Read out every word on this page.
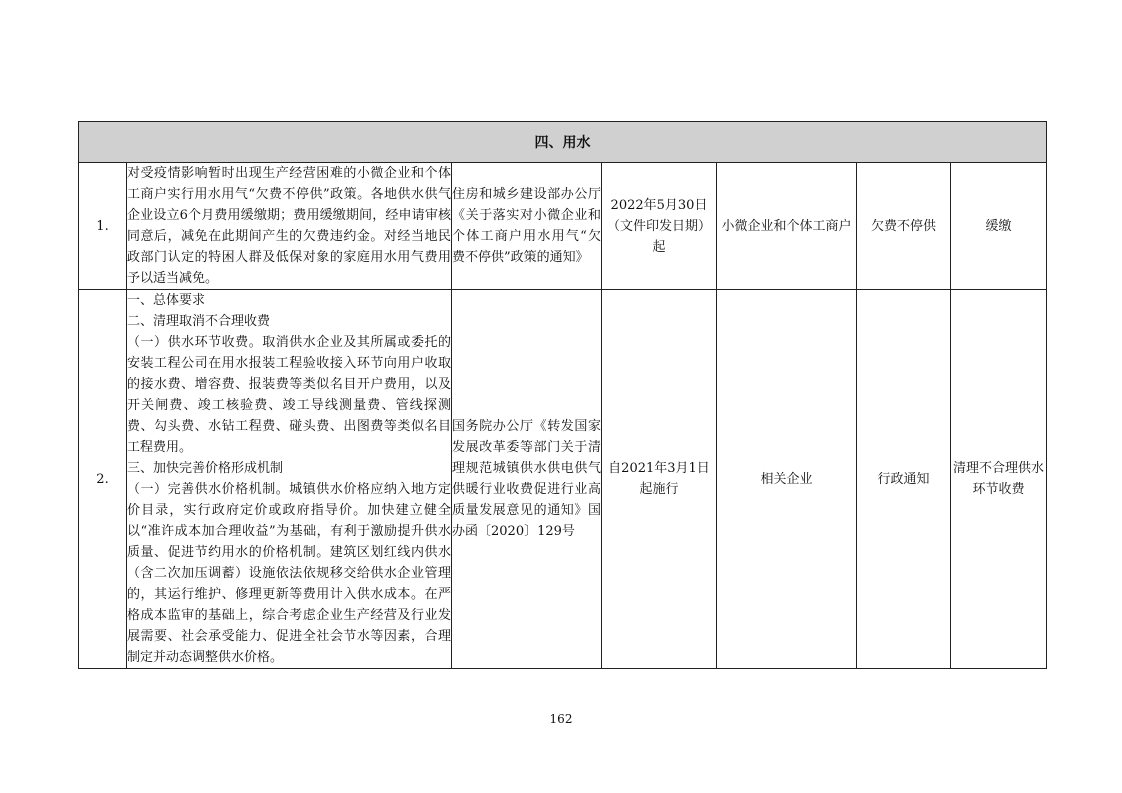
四、用水						
1.	对受疫情影响暂时出现生产经营困难的小微企业和个体工商户实行用水用气“欠费不停供”政策。各地供水供气企业设立6个月费用缓缴期；费用缓缴期间，经申请审核同意后，减免在此期间产生的欠费违约金。对经当地民政部门认定的特困人群及低保对象的家庭用水用气费用予以适当减免。	住房和城乡建设部办公厅《关于落实对小微企业和个体工商户用水用气“欠费不停供”政策的通知》	2022年5月30日（文件印发日期）起	小微企业和个体工商户	欠费不停供	缓缴
2.	一、总体要求
二、清理取消不合理收费
（一）供水环节收费。取消供水企业及其所属或委托的安装工程公司在用水报装工程验收接入环节向用户收取的接水费、增容费、报装费等类似名目开户费用，以及开关闸费、竣工核验费、竣工导线测量费、管线探测费、勾头费、水钻工程费、碰头费、出图费等类似名目工程费用。
三、加快完善价格形成机制
（一）完善供水价格机制。城镇供水价格应纳入地方定价目录，实行政府定价或政府指导价。加快建立健全以“准许成本加合理收益”为基础，有利于激励提升供水质量、促进节约用水的价格机制。建筑区划红线内供水（含二次加压调蓄）设施依法依规移交给供水企业管理的，其运行维护、修理更新等费用计入供水成本。在严格成本监审的基础上，综合考虑企业生产经营及行业发展需要、社会承受能力、促进全社会节水等因素，合理制定并动态调整供水价格。	国务院办公厅《转发国家发展改革委等部门关于清理规范城镇供水供电供气供暖行业收费促进行业高质量发展意见的通知》国办函〔2020〕129号	自2021年3月1日起施行	相关企业	行政通知	清理不合理供水环节收费
162
